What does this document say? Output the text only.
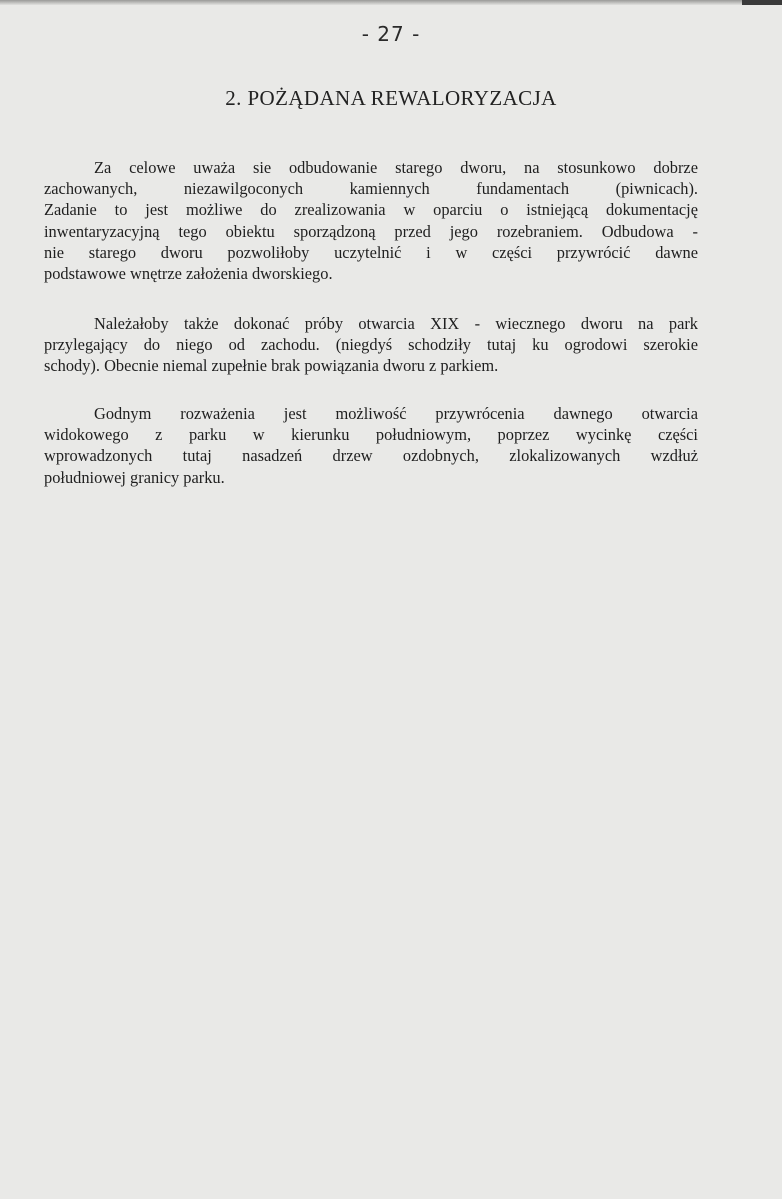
- 27 -
2. POŻĄDANA REWALORYZACJA

Za celowe uważa sie odbudowanie starego dworu, na stosunkowo dobrze
zachowanych, niezawilgoconych kamiennych fundamentach (piwnicach).
Zadanie to jest możliwe do zrealizowania w oparciu o istniejącą dokumentację
inwentaryzacyjną tego obiektu sporządzoną przed jego rozebraniem. Odbudowa -
nie starego dworu pozwoliłoby uczytelnić i w części przywrócić dawne
podstawowe wnętrze założenia dworskiego.

Należałoby także dokonać próby otwarcia XIX - wiecznego dworu na park
przylegający do niego od zachodu. (niegdyś schodziły tutaj ku ogrodowi szerokie
schody). Obecnie niemal zupełnie brak powiązania dworu z parkiem.

Godnym rozważenia jest możliwość przywrócenia dawnego otwarcia
widokowego z parku w kierunku południowym, poprzez wycinkę części
wprowadzonych tutaj nasadzeń drzew ozdobnych, zlokalizowanych wzdłuż
południowej granicy parku.
